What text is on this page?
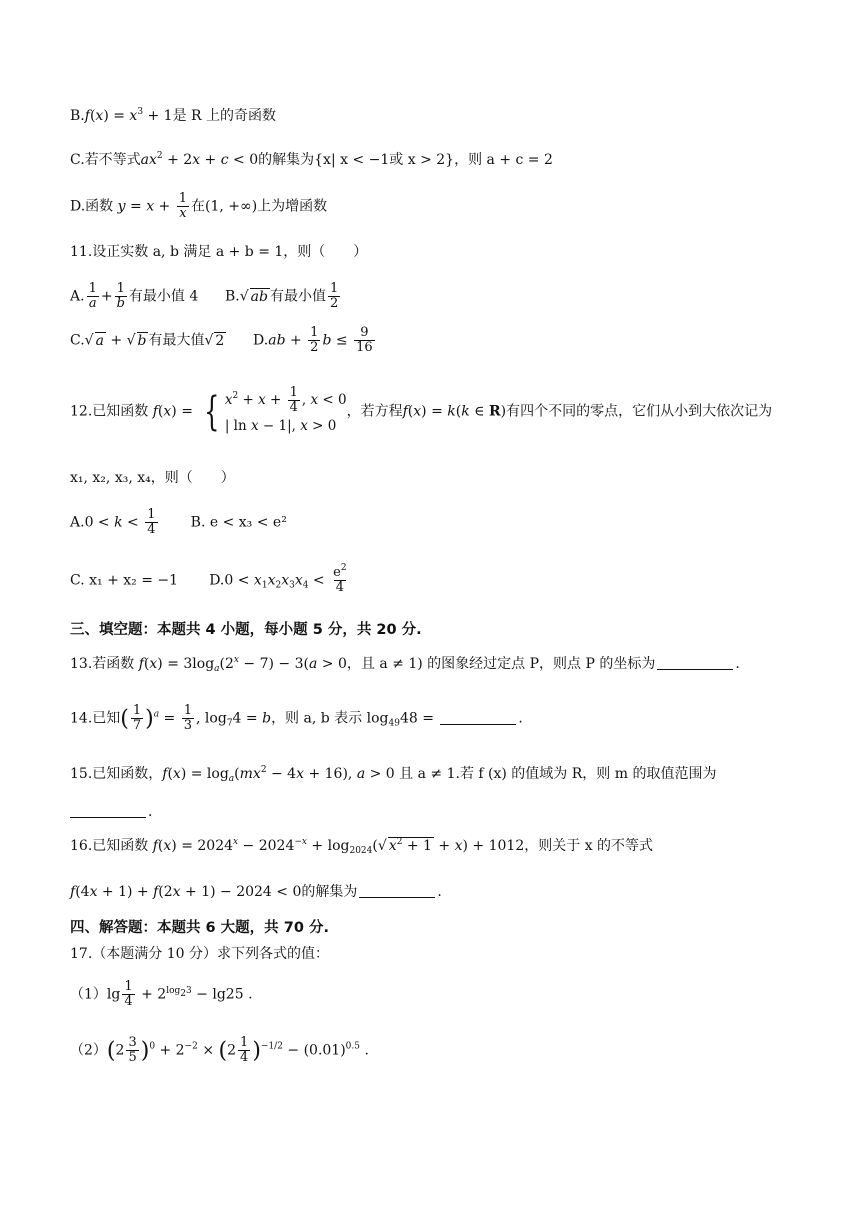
$B.f(x) = x^3 + 1$是 R 上的奇函数
C.若不等式$ax^2 + 2x + c < 0$的解集为{x| x < −1或 x > 2}，则 a + c = 2
D.函数 $y = x + \frac{1}{x}$ 在(1, +∞)上为增函数
11.设正实数 a, b 满足 a + b = 1，则（　　）
A. $\frac{1}{a} + \frac{1}{b}$ 有最小值 4      B.√ ab 有最小值 $\frac{1}{2}$
C.√ a + √ b 有最大值√ 2 $D.ab + \frac{1}{2}$ $b \le \frac{9}{16}$
12.已知函数 f(x) = { $x^2 + x + \frac{1}{4}$ , x < 0
| ln x − 1|, x > 0
，若方程f(x) = k(k ∈ R)有四个不同的零点，它们从小到大依次记为
x₁, x₂, x₃, x₄，则（　　）
$A.0 < k < \frac{1}{4} B$. e < x₃ < e²
C. x₁ + x₂ = −1 $D.0 < x_1x_2x_3x_4 < \frac{e^2}{4}$
三、填空题：本题共 4 小题，每小题 5 分，共 20 分.
13.若函数 $f(x) = 3\log_a(2^x - 7) - 3(a > 0$，且 a ≠ 1) 的图象经过定点 P，则点 P 的坐标为	.
14.已知( $\frac{1}{7} )^a = \frac{1}{3}$ , $\log_74 = b$，则 a, b 表示 $\log_{49}48$ =	.
15.已知函数，$f(x) = \log_a(mx^2 - 4x + 16)$, a > 0 且 a ≠ 1.若 f (x) 的值域为 R，则 m 的取值范围为
.
16.已知函数 $f(x) = 2024^x - 2024^{-x} + \log_{2024}(√$ $x^2 + 1 + x) + 1012$，则关于 x 的不等式
f(4x + 1) + f(2x + 1) − 2024 < 0的解集为	.
四、解答题：本题共 6 大题，共 70 分.
17.（本题满分 10 分）求下列各式的值：
$(1)\lg \frac{1}{4} + 2^{log_23} - \lg 25$ .
$(2)(2 \frac{3}{5} )^0 + 2^{-2} \times (2 \frac{1}{4} )^{-1/2} - (0.01)^{0.5}$ .
